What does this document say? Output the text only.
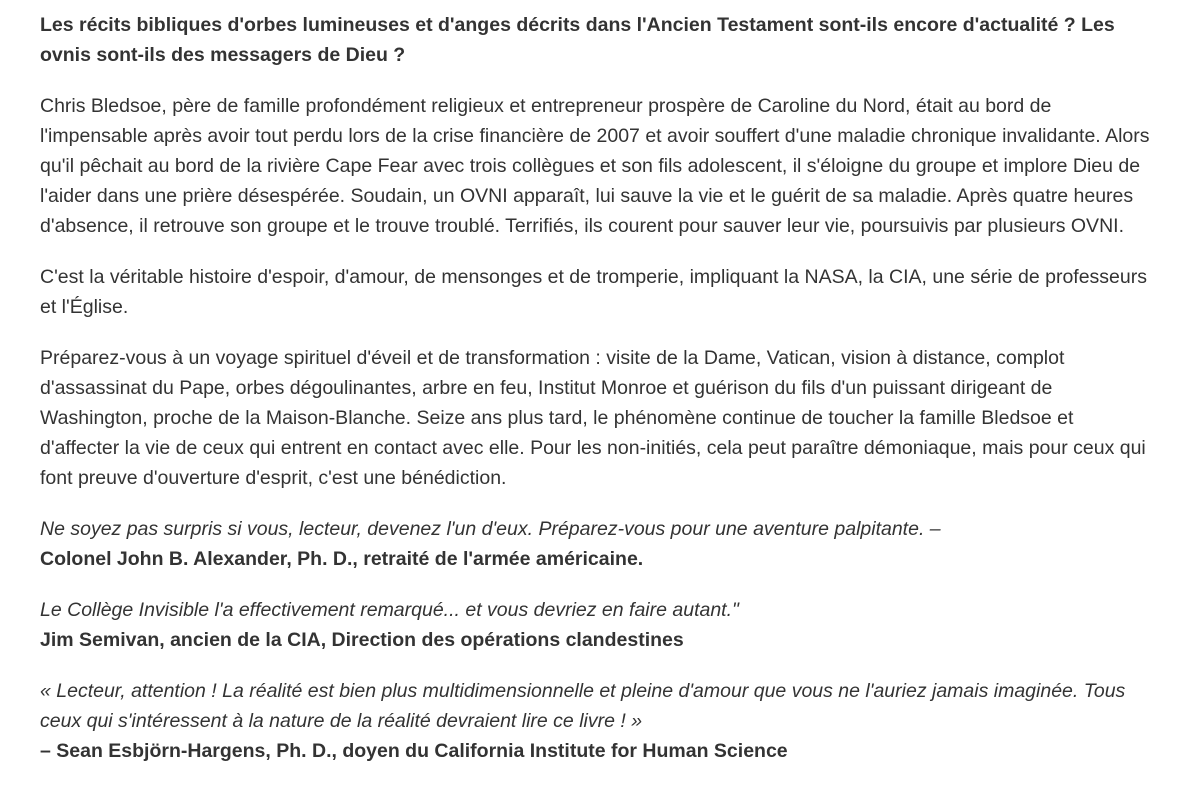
Les récits bibliques d'orbes lumineuses et d'anges décrits dans l'Ancien Testament sont-ils encore d'actualité ? Les ovnis sont-ils des messagers de Dieu ?

Chris Bledsoe, père de famille profondément religieux et entrepreneur prospère de Caroline du Nord, était au bord de l'impensable après avoir tout perdu lors de la crise financière de 2007 et avoir souffert d'une maladie chronique invalidante. Alors qu'il pêchait au bord de la rivière Cape Fear avec trois collègues et son fils adolescent, il s'éloigne du groupe et implore Dieu de l'aider dans une prière désespérée. Soudain, un OVNI apparaît, lui sauve la vie et le guérit de sa maladie. Après quatre heures d'absence, il retrouve son groupe et le trouve troublé. Terrifiés, ils courent pour sauver leur vie, poursuivis par plusieurs OVNI.

C'est la véritable histoire d'espoir, d'amour, de mensonges et de tromperie, impliquant la NASA, la CIA, une série de professeurs et l'Église.

Préparez-vous à un voyage spirituel d'éveil et de transformation : visite de la Dame, Vatican, vision à distance, complot d'assassinat du Pape, orbes dégoulinantes, arbre en feu, Institut Monroe et guérison du fils d'un puissant dirigeant de Washington, proche de la Maison-Blanche. Seize ans plus tard, le phénomène continue de toucher la famille Bledsoe et d'affecter la vie de ceux qui entrent en contact avec elle. Pour les non-initiés, cela peut paraître démoniaque, mais pour ceux qui font preuve d'ouverture d'esprit, c'est une bénédiction.

Ne soyez pas surpris si vous, lecteur, devenez l'un d'eux. Préparez-vous pour une aventure palpitante. –
Colonel John B. Alexander, Ph. D., retraité de l'armée américaine.

Le Collège Invisible l'a effectivement remarqué... et vous devriez en faire autant."
Jim Semivan, ancien de la CIA, Direction des opérations clandestines

« Lecteur, attention ! La réalité est bien plus multidimensionnelle et pleine d'amour que vous ne l'auriez jamais imaginée. Tous ceux qui s'intéressent à la nature de la réalité devraient lire ce livre ! »
– Sean Esbjörn-Hargens, Ph. D., doyen du California Institute for Human Science
